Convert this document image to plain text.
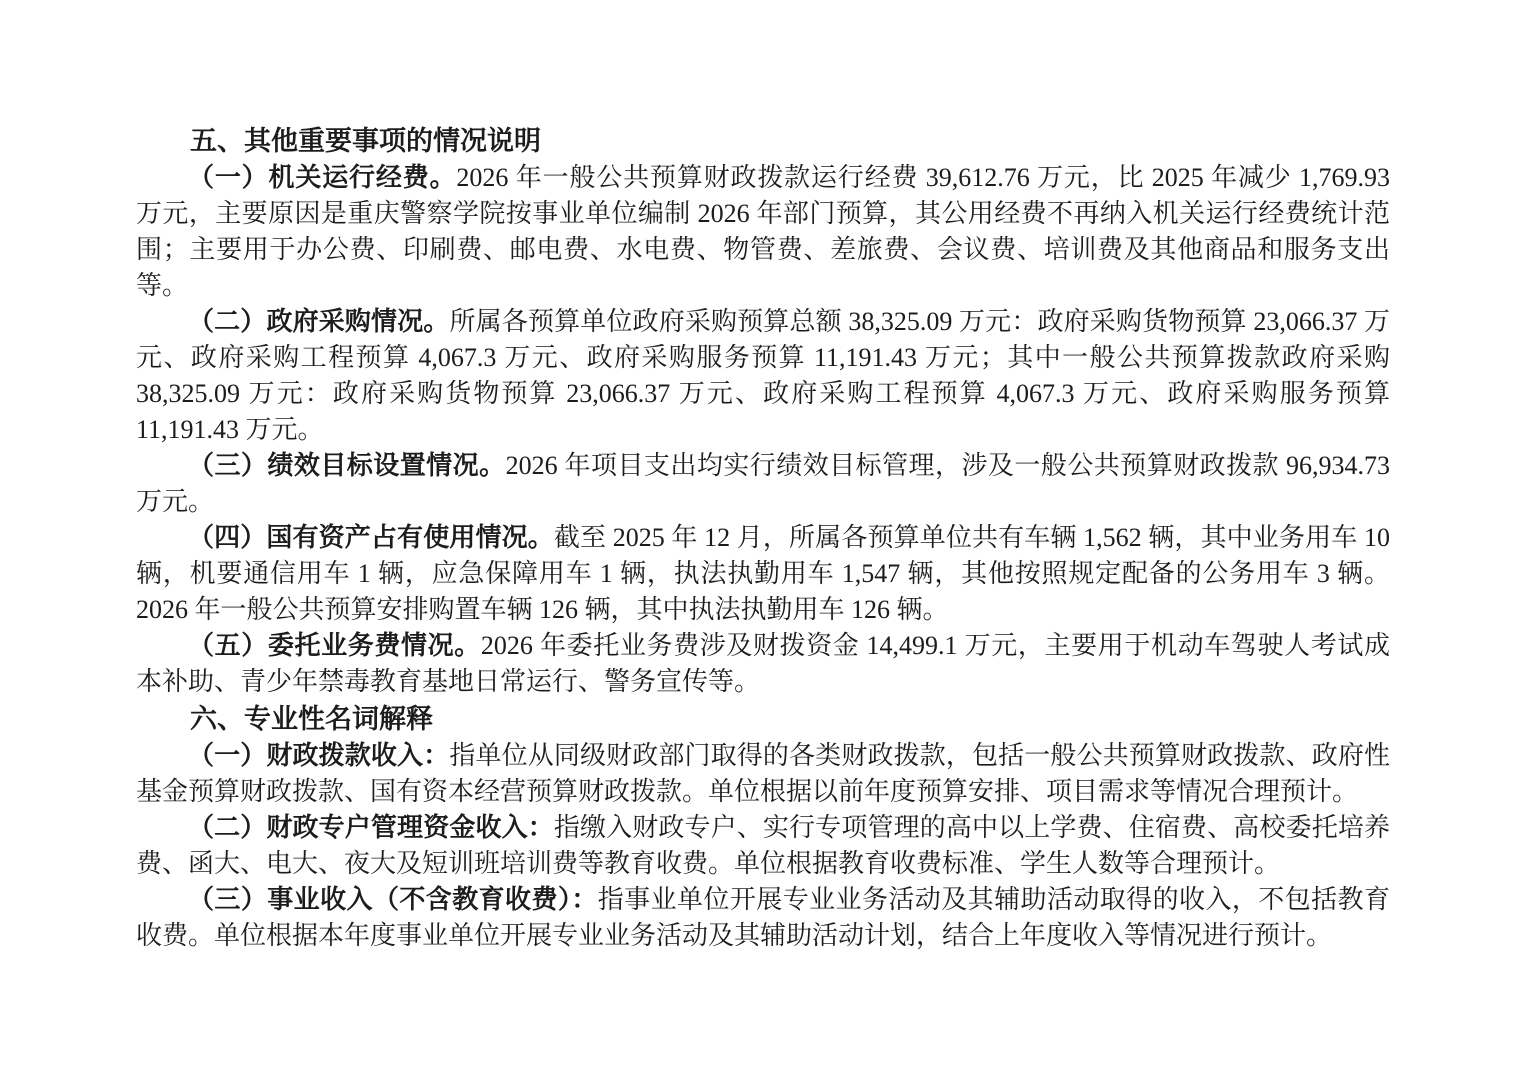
五、其他重要事项的情况说明

（一）机关运行经费。2026 年一般公共预算财政拨款运行经费 39,612.76 万元，比 2025 年减少 1,769.93 万元，主要原因是重庆警察学院按事业单位编制 2026 年部门预算，其公用经费不再纳入机关运行经费统计范围；主要用于办公费、印刷费、邮电费、水电费、物管费、差旅费、会议费、培训费及其他商品和服务支出等。

（二）政府采购情况。所属各预算单位政府采购预算总额 38,325.09 万元：政府采购货物预算 23,066.37 万元、政府采购工程预算 4,067.3 万元、政府采购服务预算 11,191.43 万元；其中一般公共预算拨款政府采购 38,325.09 万元：政府采购货物预算 23,066.37 万元、政府采购工程预算 4,067.3 万元、政府采购服务预算 11,191.43 万元。

（三）绩效目标设置情况。2026 年项目支出均实行绩效目标管理，涉及一般公共预算财政拨款 96,934.73 万元。

（四）国有资产占有使用情况。截至 2025 年 12 月，所属各预算单位共有车辆 1,562 辆，其中业务用车 10 辆，机要通信用车 1 辆，应急保障用车 1 辆，执法执勤用车 1,547 辆，其他按照规定配备的公务用车 3 辆。2026 年一般公共预算安排购置车辆 126 辆，其中执法执勤用车 126 辆。

（五）委托业务费情况。2026 年委托业务费涉及财拨资金 14,499.1 万元，主要用于机动车驾驶人考试成本补助、青少年禁毒教育基地日常运行、警务宣传等。

六、专业性名词解释

（一）财政拨款收入：指单位从同级财政部门取得的各类财政拨款，包括一般公共预算财政拨款、政府性基金预算财政拨款、国有资本经营预算财政拨款。单位根据以前年度预算安排、项目需求等情况合理预计。

（二）财政专户管理资金收入：指缴入财政专户、实行专项管理的高中以上学费、住宿费、高校委托培养费、函大、电大、夜大及短训班培训费等教育收费。单位根据教育收费标准、学生人数等合理预计。

（三）事业收入（不含教育收费）：指事业单位开展专业业务活动及其辅助活动取得的收入，不包括教育收费。单位根据本年度事业单位开展专业业务活动及其辅助活动计划，结合上年度收入等情况进行预计。
